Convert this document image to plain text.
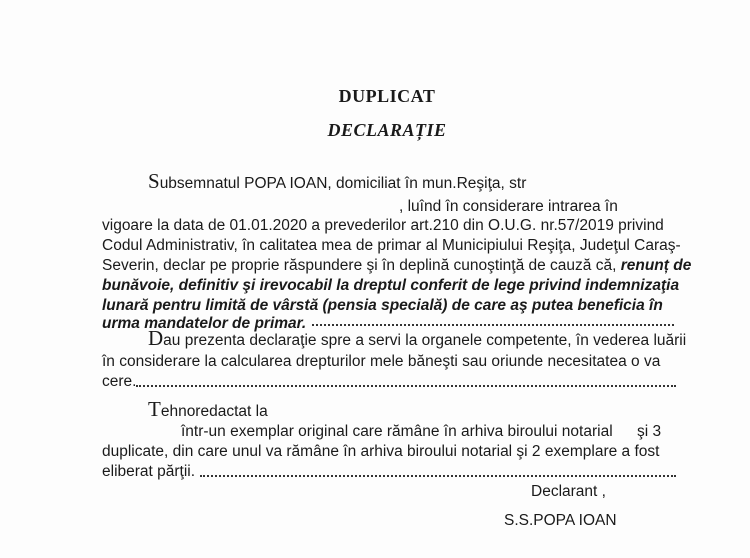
DUPLICAT
DECLARAȚIE
Subsemnatul POPA IOAN, domiciliat în mun.Reşiţa, str
, luînd în considerare intrarea în
vigoare la data de 01.01.2020 a prevederilor art.210 din O.U.G. nr.57/2019 privind
Codul Administrativ, în calitatea mea de primar al Municipiului Reşiţa, Judeţul Caraş-
Severin, declar pe proprie răspundere şi în deplină cunoştinţă de cauză că, renunț de
bunăvoie, definitiv şi irevocabil la dreptul conferit de lege privind indemnizaţia
lunară pentru limită de vârstă (pensia specială) de care aş putea beneficia în
urma mandatelor de primar.
Dau prezenta declaraţie spre a servi la organele competente, în vederea luării
în considerare la calcularea drepturilor mele băneşti sau oriunde necesitatea o va
cere.
Tehnoredactat la
într-un exemplar original care rămâne în arhiva biroului notarial şi 3
duplicate, din care unul va rămâne în arhiva biroului notarial şi 2 exemplare a fost
eliberat părţii.
Declarant ,
S.S.POPA IOAN
